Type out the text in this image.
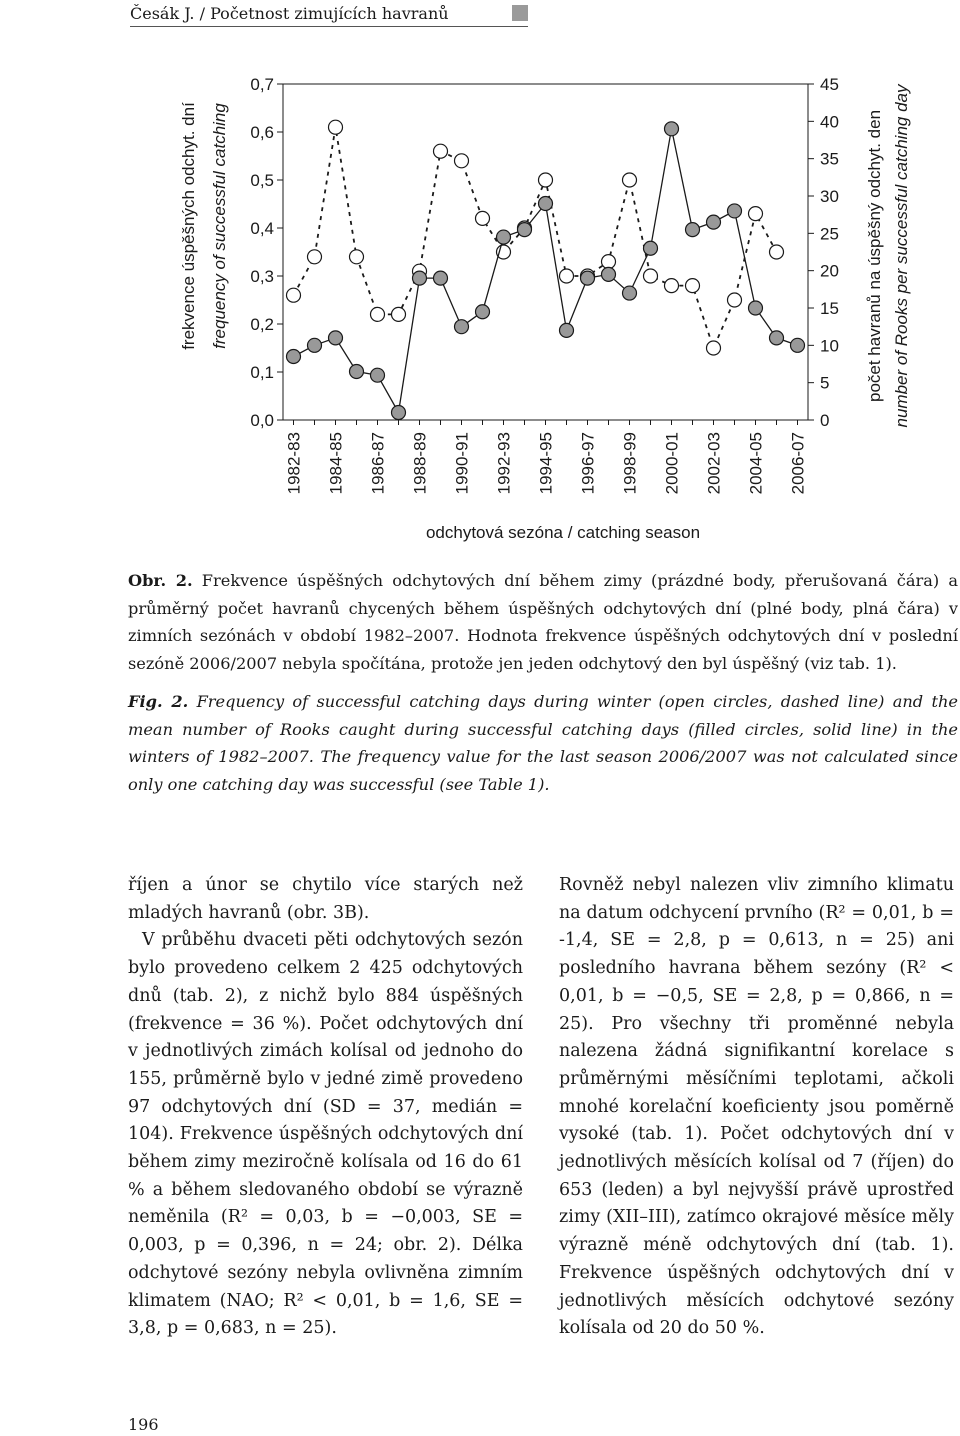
Česák J. / Početnost zimujících havranů
0,0
0,1
0,2
0,3
0,4
0,5
0,6
0,7
0
5
10
15
20
25
30
35
40
45
1982-83 1984-85 1986-87 1988-89 1990-91 1992-93 1994-95 1996-97 1998-99 2000-01 2002-03 2004-05 2006-07
frekvence úspěšných odchyt. dní frequency of successful catching	počet havranů na úspěšný odchyt. den number of Rooks per successful catching day
odchytová sezóna / catching season
Obr. 2. Frekvence úspěšných odchytových dní během zimy (prázdné body, přerušovaná čára) a průměrný počet havranů chycených během úspěšných odchytových dní (plné body, plná čára) v zimních sezónách v období 1982–2007. Hodnota frekvence úspěšných odchytových dní v poslední sezóně 2006/2007 nebyla spočítána, protože jen jeden odchytový den byl úspěšný (viz tab. 1).
Fig. 2. Frequency of successful catching days during winter (open circles, dashed line) and the mean number of Rooks caught during successful catching days (filled circles, solid line) in the winters of 1982–2007. The frequency value for the last season 2006/2007 was not calculated since only one catching day was successful (see Table 1).

říjen a únor se chytilo více starých než mladých havranů (obr. 3B).

V průběhu dvaceti pěti odchytových sezón bylo provedeno celkem 2 425 odchytových dnů (tab. 2), z nichž bylo 884 úspěšných (frekvence = 36 %). Počet odchytových dní v jednotlivých zimách kolísal od jednoho do 155, průměrně bylo v jedné zimě provedeno 97 odchytových dní (SD = 37, medián = 104). Frekvence úspěšných odchytových dní během zimy meziročně kolísala od 16 do 61 % a během sledovaného období se výrazně neměnila (R² = 0,03, b = −0,003, SE = 0,003, p = 0,396, n = 24; obr. 2). Délka odchytové sezóny nebyla ovlivněna zimním klimatem (NAO; R² < 0,01, b = 1,6, SE = 3,8, p = 0,683, n = 25).

Rovněž nebyl nalezen vliv zimního klimatu na datum odchycení prvního (R² = 0,01, b = -1,4, SE = 2,8, p = 0,613, n = 25) ani posledního havrana během sezóny (R² < 0,01, b = −0,5, SE = 2,8, p = 0,866, n = 25). Pro všechny tři proměnné nebyla nalezena žádná signifikantní korelace s průměrnými měsíčními teplotami, ačkoli mnohé korelační koeficienty jsou poměrně vysoké (tab. 1). Počet odchytových dní v jednotlivých měsících kolísal od 7 (říjen) do 653 (leden) a byl nejvyšší právě uprostřed zimy (XII–III), zatímco okrajové měsíce měly výrazně méně odchytových dní (tab. 1). Frekvence úspěšných odchytových dní v jednotlivých měsících odchytové sezóny kolísala od 20 do 50 %.

196
